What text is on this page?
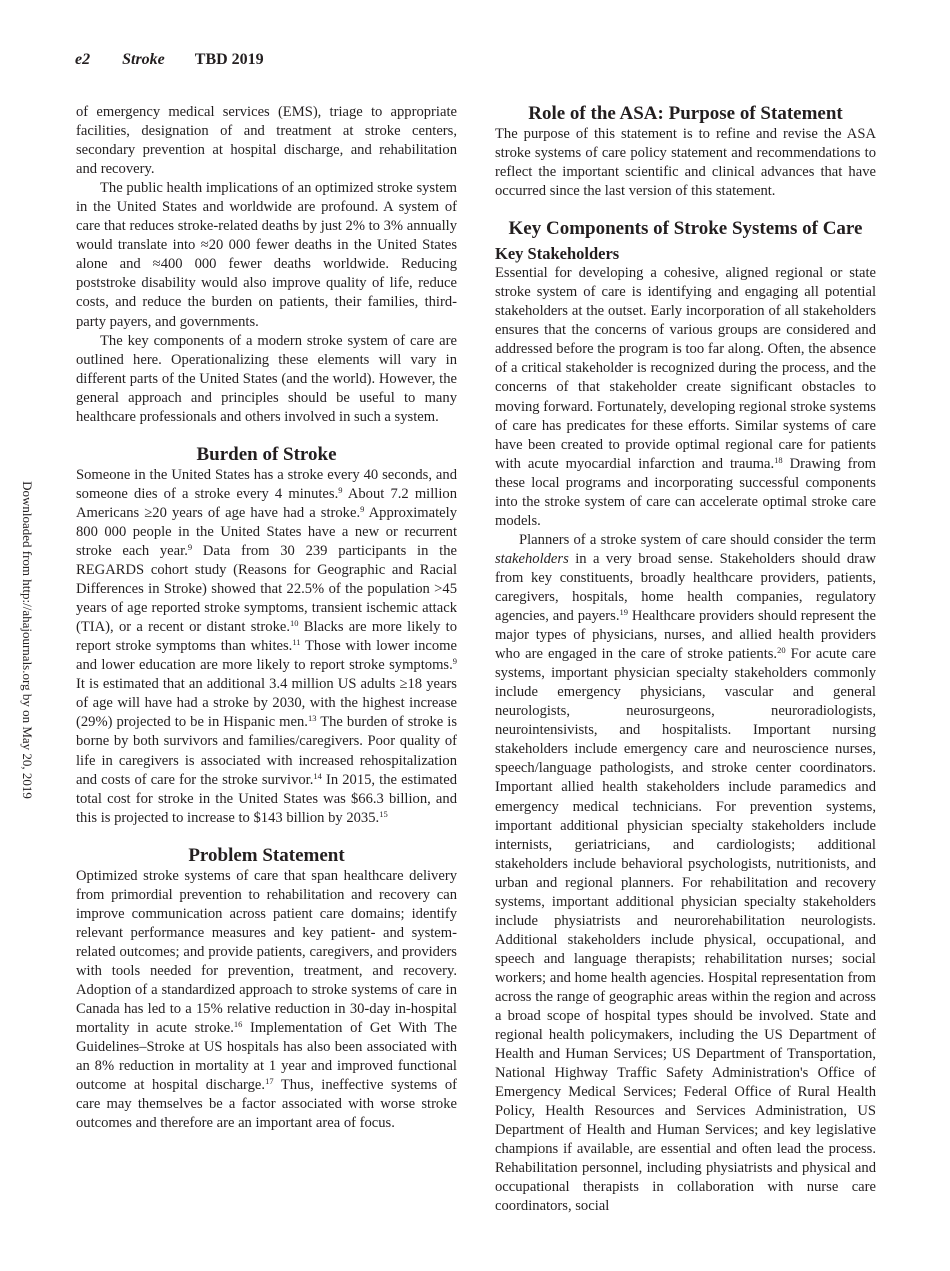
e2 Stroke TBD 2019
Downloaded from http://ahajournals.org by on May 20, 2019

of emergency medical services (EMS), triage to appropriate facilities, designation of and treatment at stroke centers, secondary prevention at hospital discharge, and rehabilitation and recovery.

The public health implications of an optimized stroke system in the United States and worldwide are profound. A system of care that reduces stroke-related deaths by just 2% to 3% annually would translate into ≈20 000 fewer deaths in the United States alone and ≈400 000 fewer deaths worldwide. Reducing poststroke disability would also improve quality of life, reduce costs, and reduce the burden on patients, their families, third-party payers, and governments.

The key components of a modern stroke system of care are outlined here. Operationalizing these elements will vary in different parts of the United States (and the world). However, the general approach and principles should be useful to many healthcare professionals and others involved in such a system.

Burden of Stroke

Someone in the United States has a stroke every 40 seconds, and someone dies of a stroke every 4 minutes.$^9$ About 7.2 million Americans ≥20 years of age have had a stroke.$^9$ Approximately 800 000 people in the United States have a new or recurrent stroke each year.$^9$ Data from 30 239 participants in the REGARDS cohort study (Reasons for Geographic and Racial Differences in Stroke) showed that 22.5% of the population >45 years of age reported stroke symptoms, transient ischemic attack (TIA), or a recent or distant stroke.$^{10}$ Blacks are more likely to report stroke symptoms than whites.$^{11}$ Those with lower income and lower education are more likely to report stroke symptoms.$^9$ It is estimated that an additional 3.4 million US adults ≥18 years of age will have had a stroke by 2030, with the highest increase (29%) projected to be in Hispanic men.$^{13}$ The burden of stroke is borne by both survivors and families/caregivers. Poor quality of life in caregivers is associated with increased rehospitalization and costs of care for the stroke survivor.$^{14}$ In 2015, the estimated total cost for stroke in the United States was $66.3 billion, and this is projected to increase to $143 billion by 2035.15

Problem Statement

Optimized stroke systems of care that span healthcare delivery from primordial prevention to rehabilitation and recovery can improve communication across patient care domains; identify relevant performance measures and key patient- and system-related outcomes; and provide patients, caregivers, and providers with tools needed for prevention, treatment, and recovery. Adoption of a standardized approach to stroke systems of care in Canada has led to a 15% relative reduction in 30-day in-hospital mortality in acute stroke.$^{16}$ Implementation of Get With The Guidelines–Stroke at US hospitals has also been associated with an 8% reduction in mortality at 1 year and improved functional outcome at hospital discharge.$^{17}$ Thus, ineffective systems of care may themselves be a factor associated with worse stroke outcomes and therefore are an important area of focus.

Role of the ASA: Purpose of Statement

The purpose of this statement is to refine and revise the ASA stroke systems of care policy statement and recommendations to reflect the important scientific and clinical advances that have occurred since the last version of this statement.

Key Components of Stroke Systems of Care
Key Stakeholders

Essential for developing a cohesive, aligned regional or state stroke system of care is identifying and engaging all potential stakeholders at the outset. Early incorporation of all stakeholders ensures that the concerns of various groups are considered and addressed before the program is too far along. Often, the absence of a critical stakeholder is recognized during the process, and the concerns of that stakeholder create significant obstacles to moving forward. Fortunately, developing regional stroke systems of care has predicates for these efforts. Similar systems of care have been created to provide optimal regional care for patients with acute myocardial infarction and trauma.$^{18}$ Drawing from these local programs and incorporating successful components into the stroke system of care can accelerate optimal stroke care models.

Planners of a stroke system of care should consider the term stakeholders in a very broad sense. Stakeholders should draw from key constituents, broadly healthcare providers, patients, caregivers, hospitals, home health companies, regulatory agencies, and payers.$^{19}$ Healthcare providers should represent the major types of physicians, nurses, and allied health providers who are engaged in the care of stroke patients.$^{20}$ For acute care systems, important physician specialty stakeholders commonly include emergency physicians, vascular and general neurologists, neurosurgeons, neuroradiologists, neurointensivists, and hospitalists. Important nursing stakeholders include emergency care and neuroscience nurses, speech/language pathologists, and stroke center coordinators. Important allied health stakeholders include paramedics and emergency medical technicians. For prevention systems, important additional physician specialty stakeholders include internists, geriatricians, and cardiologists; additional stakeholders include behavioral psychologists, nutritionists, and urban and regional planners. For rehabilitation and recovery systems, important additional physician specialty stakeholders include physiatrists and neurorehabilitation neurologists. Additional stakeholders include physical, occupational, and speech and language therapists; rehabilitation nurses; social workers; and home health agencies. Hospital representation from across the range of geographic areas within the region and across a broad scope of hospital types should be involved. State and regional health policymakers, including the US Department of Health and Human Services; US Department of Transportation, National Highway Traffic Safety Administration's Office of Emergency Medical Services; Federal Office of Rural Health Policy, Health Resources and Services Administration, US Department of Health and Human Services; and key legislative champions if available, are essential and often lead the process. Rehabilitation personnel, including physiatrists and physical and occupational therapists in collaboration with nurse care coordinators, social
